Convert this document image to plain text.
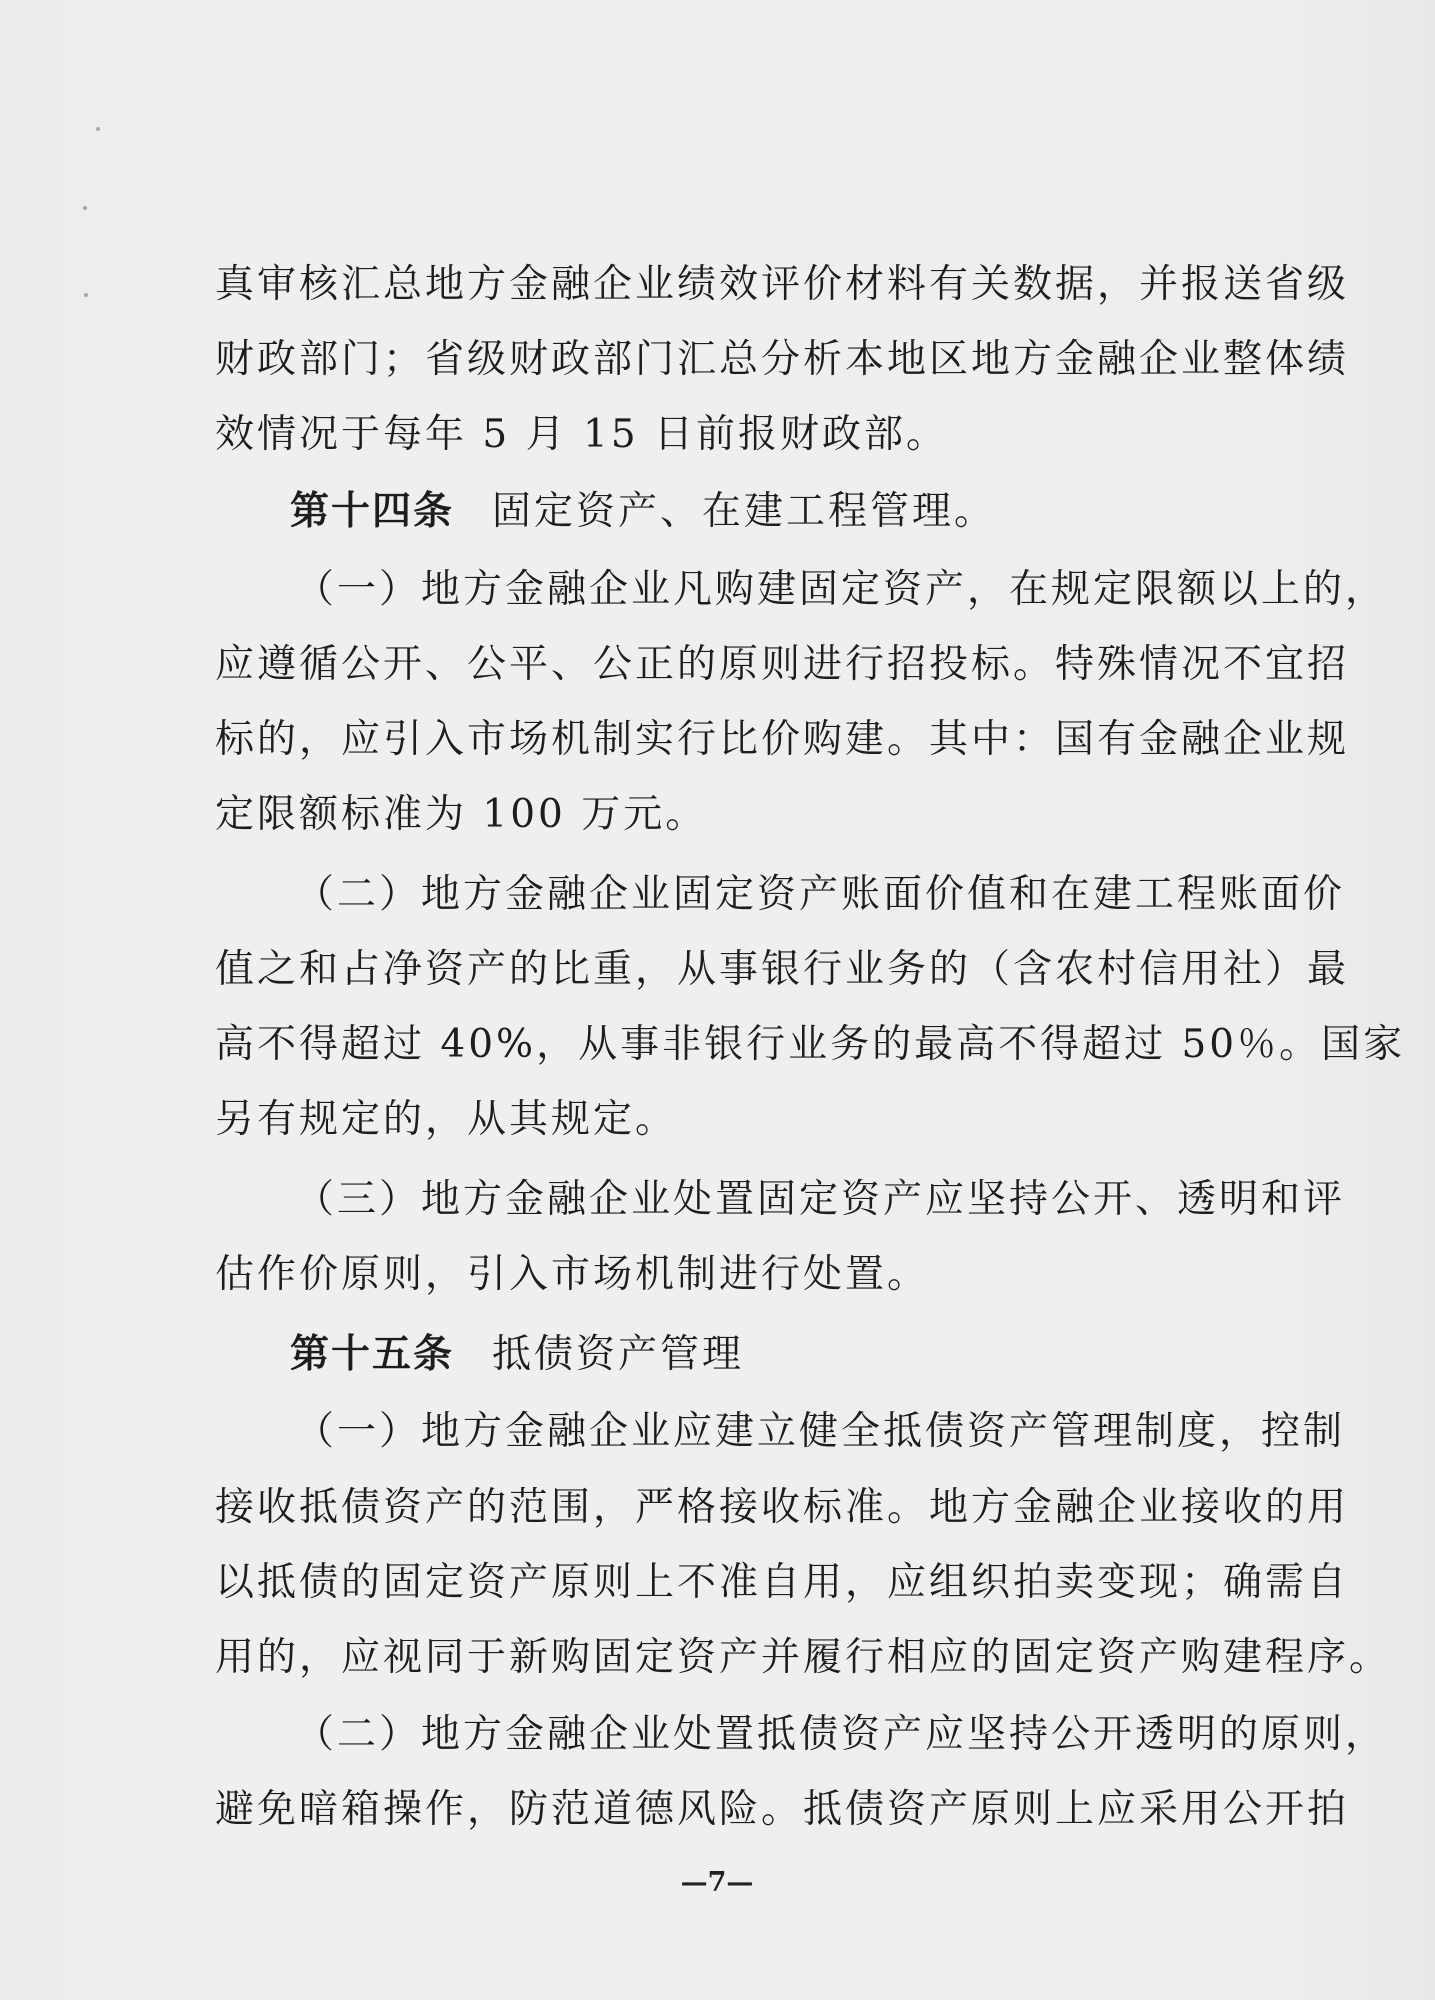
真审核汇总地方金融企业绩效评价材料有关数据，并报送省级
财政部门；省级财政部门汇总分析本地区地方金融企业整体绩
效情况于每年 5 月 15 日前报财政部。
第十四条 固定资产、在建工程管理。
（一）地方金融企业凡购建固定资产，在规定限额以上的，
应遵循公开、公平、公正的原则进行招投标。特殊情况不宜招
标的，应引入市场机制实行比价购建。其中：国有金融企业规
定限额标准为 100 万元。
（二）地方金融企业固定资产账面价值和在建工程账面价
值之和占净资产的比重，从事银行业务的（含农村信用社）最
高不得超过 40%，从事非银行业务的最高不得超过 50％。国家
另有规定的，从其规定。
（三）地方金融企业处置固定资产应坚持公开、透明和评
估作价原则，引入市场机制进行处置。
第十五条 抵债资产管理
（一）地方金融企业应建立健全抵债资产管理制度，控制
接收抵债资产的范围，严格接收标准。地方金融企业接收的用
以抵债的固定资产原则上不准自用，应组织拍卖变现；确需自
用的，应视同于新购固定资产并履行相应的固定资产购建程序。
（二）地方金融企业处置抵债资产应坚持公开透明的原则，
避免暗箱操作，防范道德风险。抵债资产原则上应采用公开拍
—7—
